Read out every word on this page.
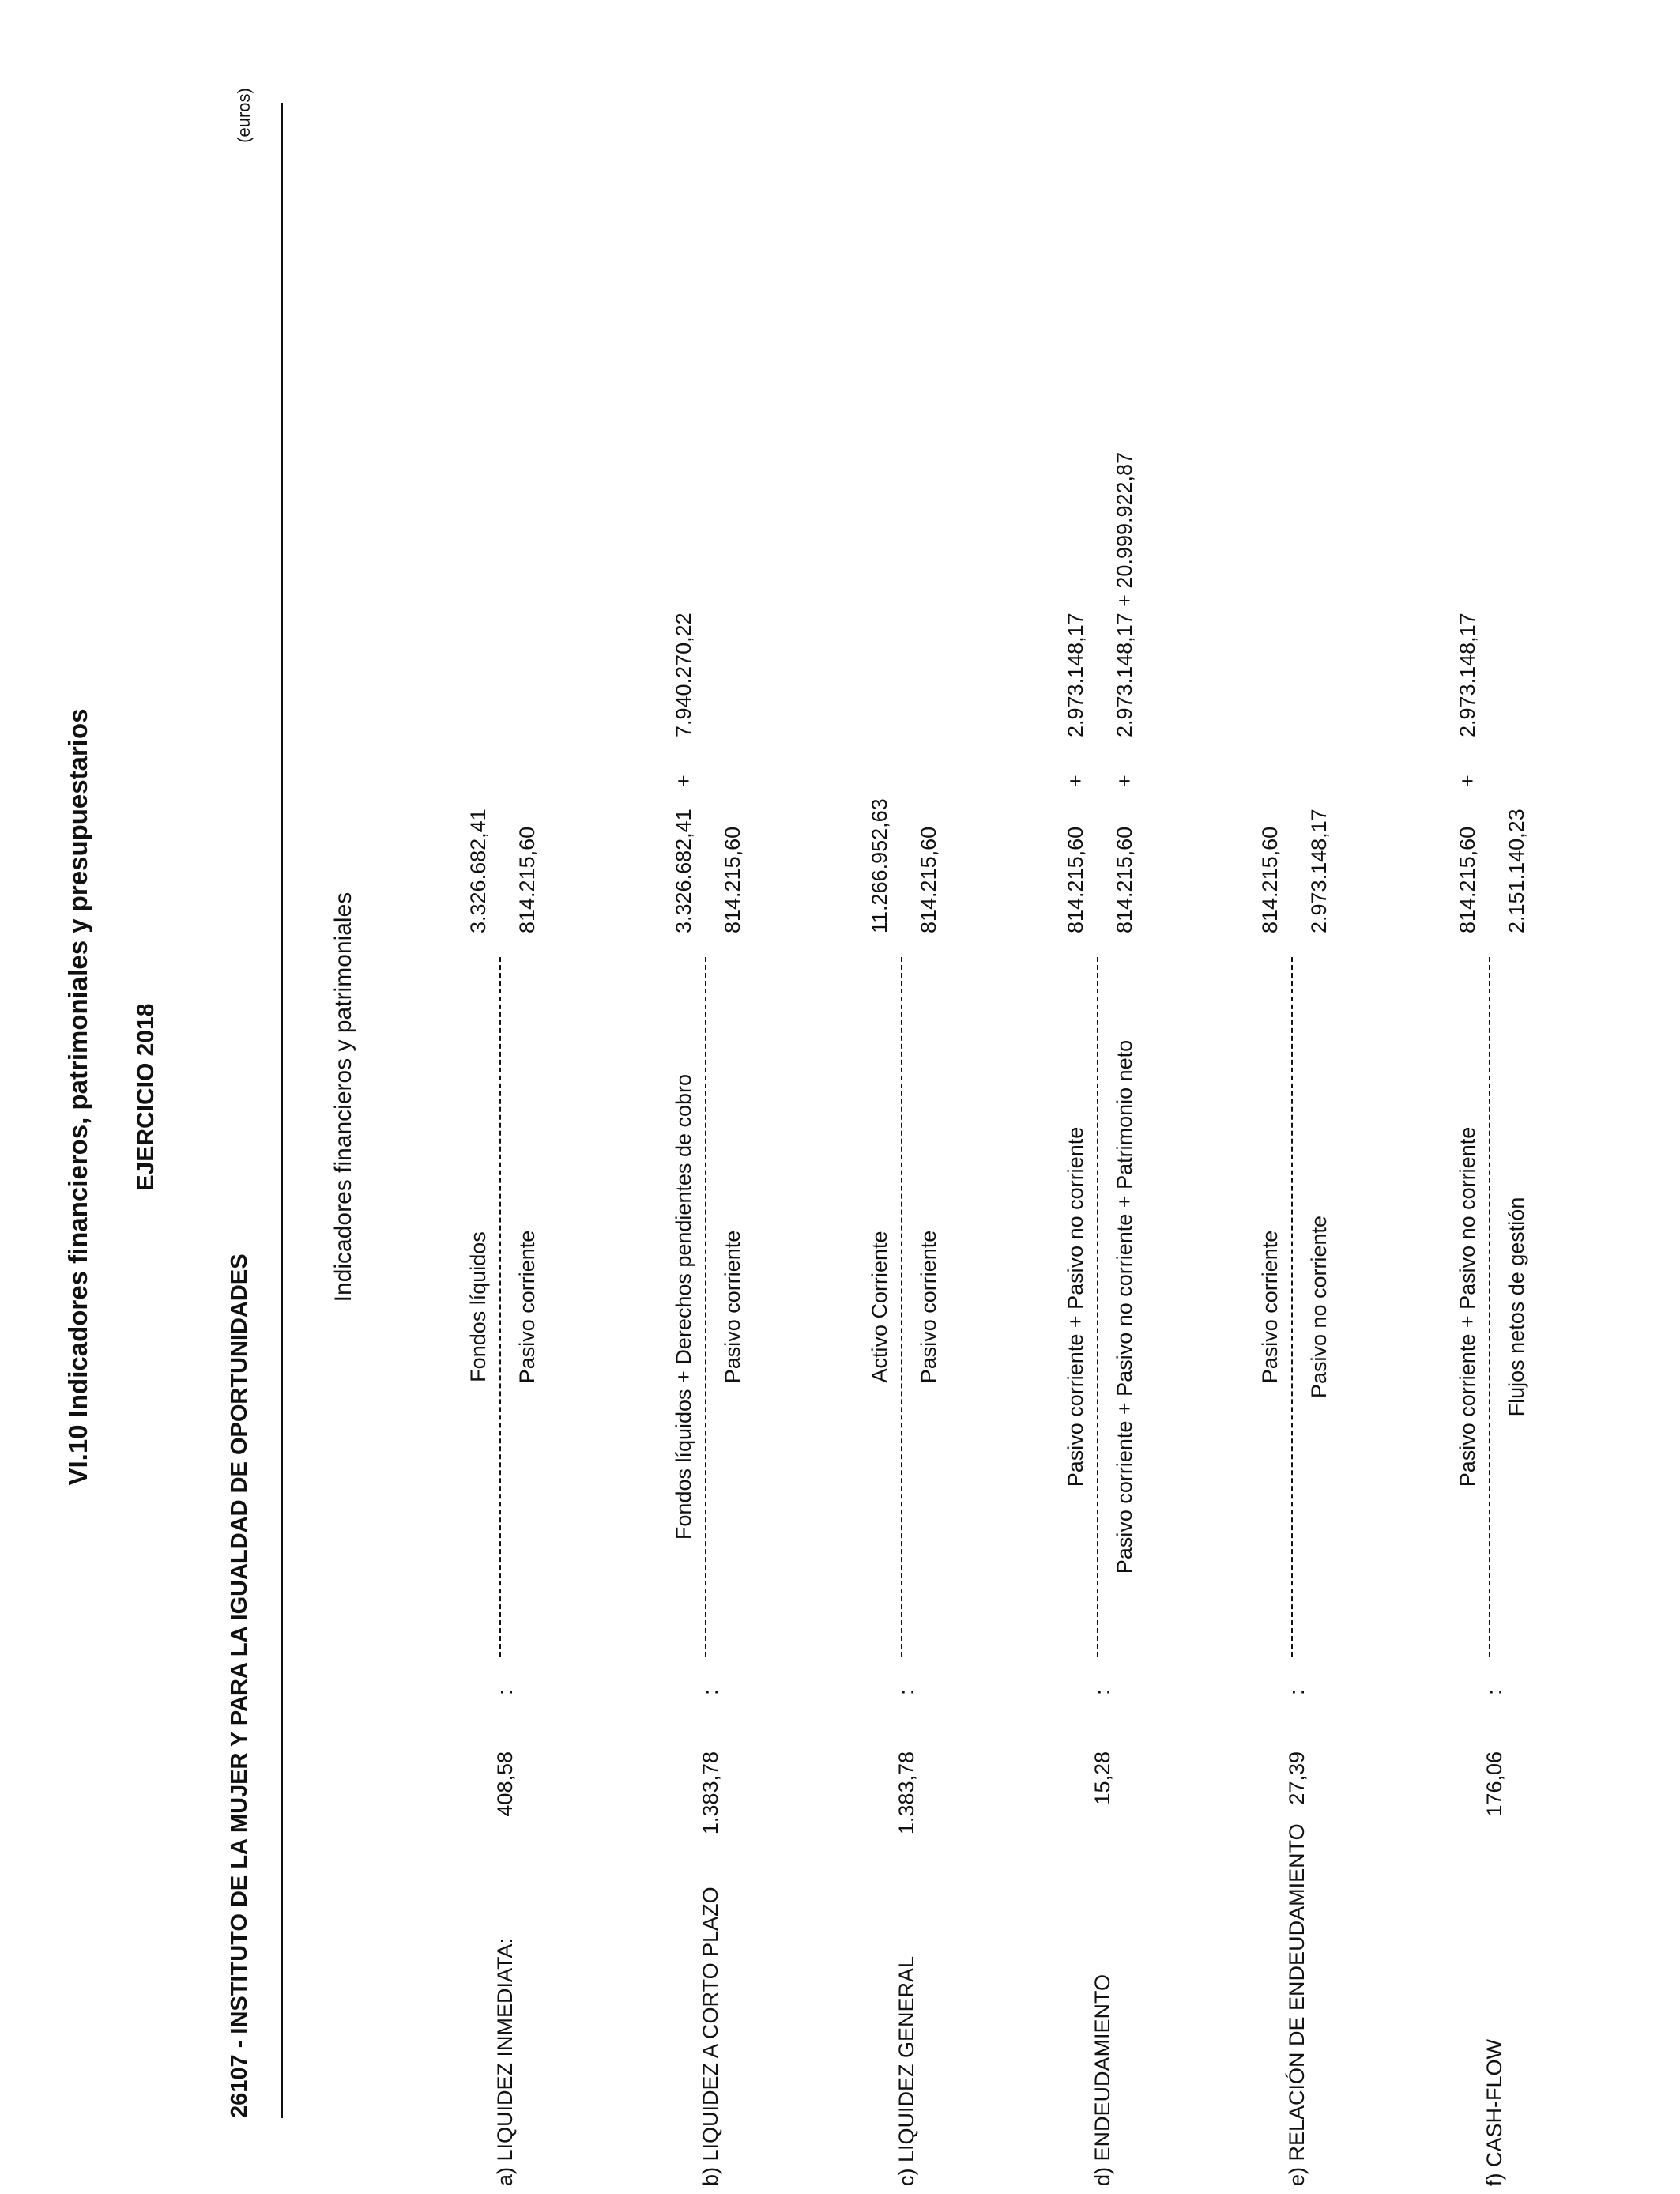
VI.10 Indicadores financieros, patrimoniales y presupuestarios EJERCICIO 2018
26107 - INSTITUTO DE LA MUJER Y PARA LA IGUALDAD DE OPORTUNIDADES
(euros)
Indicadores financieros y patrimoniales
a) LIQUIDEZ INMEDIATA:
408,58
:
Fondos líquidos Pasivo corriente
3.326.682,41 814.215,60
b) LIQUIDEZ A CORTO PLAZO
1.383,78
:
Fondos líquidos + Derechos pendientes de cobro Pasivo corriente
3.326.682,41
+
7.940.270,22
814.215,60
c) LIQUIDEZ GENERAL
1.383,78
:
Activo Corriente Pasivo corriente
11.266.952,63 814.215,60
d) ENDEUDAMIENTO
15,28
:
Pasivo corriente + Pasivo no corriente Pasivo corriente + Pasivo no corriente + Patrimonio neto
814.215,60
+
2.973.148,17
814.215,60
+
2.973.148,17 + 20.999.922,87
e) RELACIÓN DE ENDEUDAMIENTO
27,39
:
Pasivo corriente Pasivo no corriente
814.215,60 2.973.148,17
f) CASH-FLOW
176,06
:
Pasivo corriente + Pasivo no corriente Flujos netos de gestión
814.215,60
+
2.973.148,17
2.151.140,23
